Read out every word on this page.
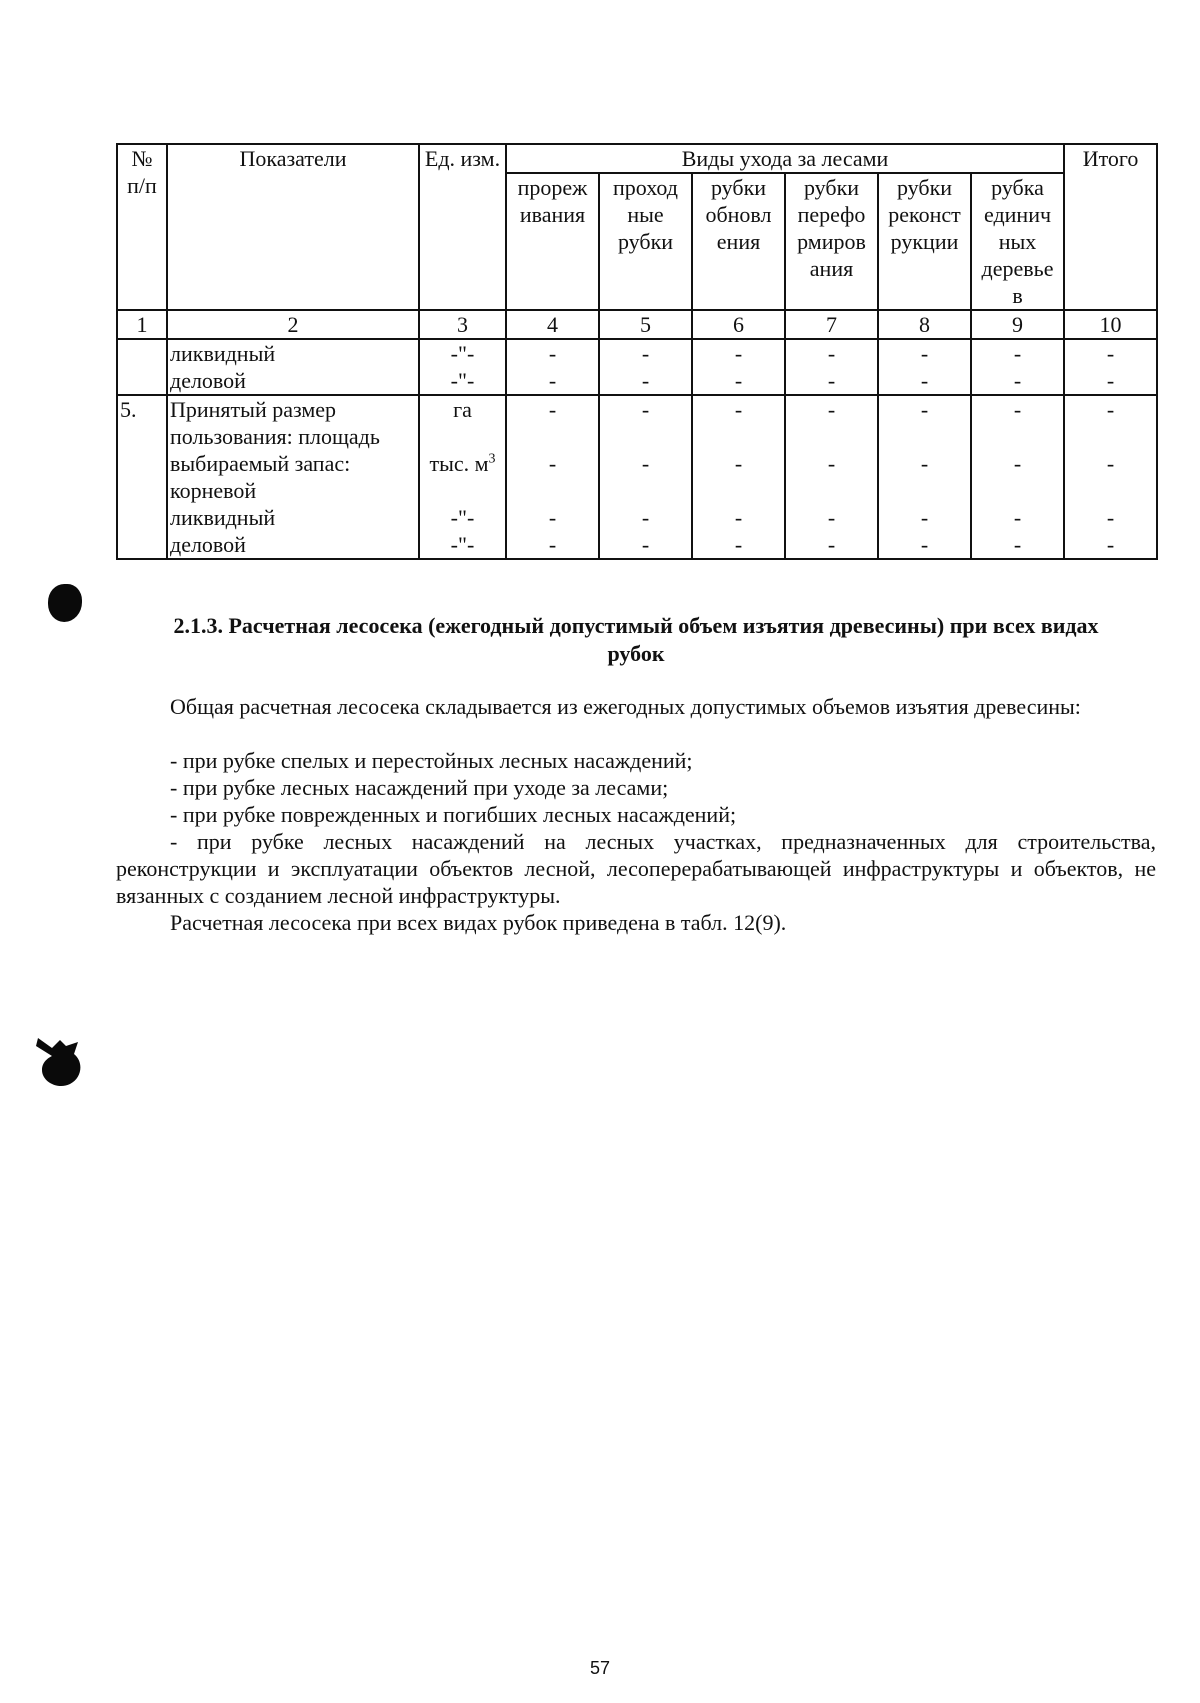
№ п/п	Показатели	Ед. изм.	Виды ухода за лесами						Итого
			прореж ивания	проход ные рубки	рубки обновл ения	рубки перефо рмиров ания	рубки реконст рукции	рубка единич ных деревье в	
1	2	3	4	5	6	7	8	9	10
	ликвидный	-"-	-	-	-	-	-	-	-
	деловой	-"-	-	-	-	-	-	-	-
5.	Принятый размер	га	-	-	-	-	-	-	-
	пользования: площадь								
	выбираемый запас:	тыс. $м^3$	-	-	-	-	-	-	-
	корневой								
	ликвидный	-"-	-	-	-	-	-	-	-
	деловой	-"-	-	-	-	-	-	-	-
2.1.3. Расчетная лесосека (ежегодный допустимый объем изъятия древесины) при всех видах
рубок
Общая расчетная лесосека складывается из ежегодных допустимых объемов изъятия древесины:
- при рубке спелых и перестойных лесных насаждений;
- при рубке лесных насаждений при уходе за лесами;
- при рубке поврежденных и погибших лесных насаждений;
- при рубке лесных насаждений на лесных участках, предназначенных для строительства, реконструкции и эксплуатации объектов лесной, лесоперерабатывающей инфраструктуры и объектов, не вязанных с созданием лесной инфраструктуры.
Расчетная лесосека при всех видах рубок приведена в табл. 12(9).
57
